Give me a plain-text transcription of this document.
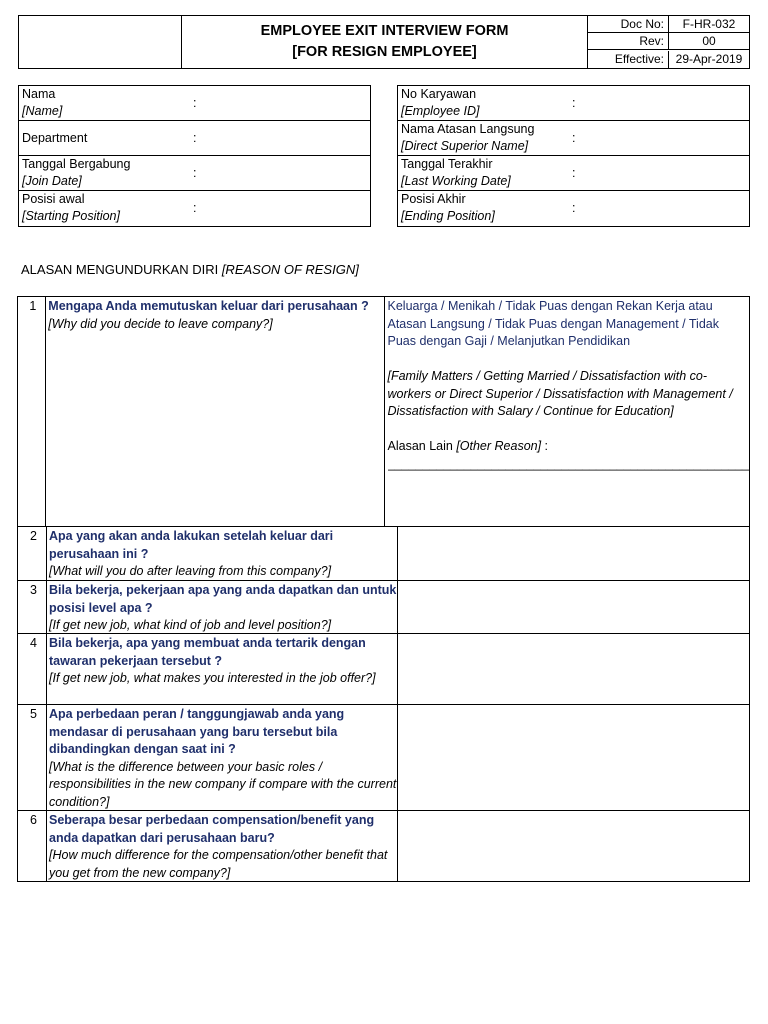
EMPLOYEE EXIT INTERVIEW FORM
[FOR RESIGN EMPLOYEE]
Doc No:	F-HR-032
Rev:	00
Effective: 29-Apr-2019
Nama
[Name]
:
Department	:
Tanggal Bergabung
[Join Date]
:
Posisi awal
[Starting Position]
:
No Karyawan
[Employee ID]
:
Nama Atasan Langsung
[Direct Superior Name]
:
Tanggal Terakhir
[Last Working Date]
:
Posisi Akhir
[Ending Position]
:
ALASAN MENGUNDURKAN DIRI [REASON OF RESIGN]
1 Mengapa Anda memutuskan keluar dari perusahaan ?
[Why did you decide to leave company?]

Keluarga / Menikah / Tidak Puas dengan Rekan Kerja atau Atasan Langsung / Tidak Puas dengan Management / Tidak Puas dengan Gaji / Melanjutkan Pendidikan

[Family Matters / Getting Married / Dissatisfaction with co-workers or Direct Superior / Dissatisfaction with Management / Dissatisfaction with Salary / Continue for Education]

Alasan Lain [Other Reason] :

____________________________________________________

2 Apa yang akan anda lakukan setelah keluar dari perusahaan ini ?
[What will you do after leaving from this company?]
3 Bila bekerja, pekerjaan apa yang anda dapatkan dan untuk posisi level apa ?
[If get new job, what kind of job and level position?]
4 Bila bekerja, apa yang membuat anda tertarik dengan tawaran pekerjaan tersebut ?
[If get new job, what makes you interested in the job offer?]
5 Apa perbedaan peran / tanggungjawab anda yang mendasar di perusahaan yang baru tersebut bila dibandingkan dengan saat ini ?
[What is the difference between your basic roles / responsibilities in the new company if compare with the current condition?]
6 Seberapa besar perbedaan compensation/benefit yang anda dapatkan dari perusahaan baru?
[How much difference for the compensation/other benefit that you get from the new company?]
